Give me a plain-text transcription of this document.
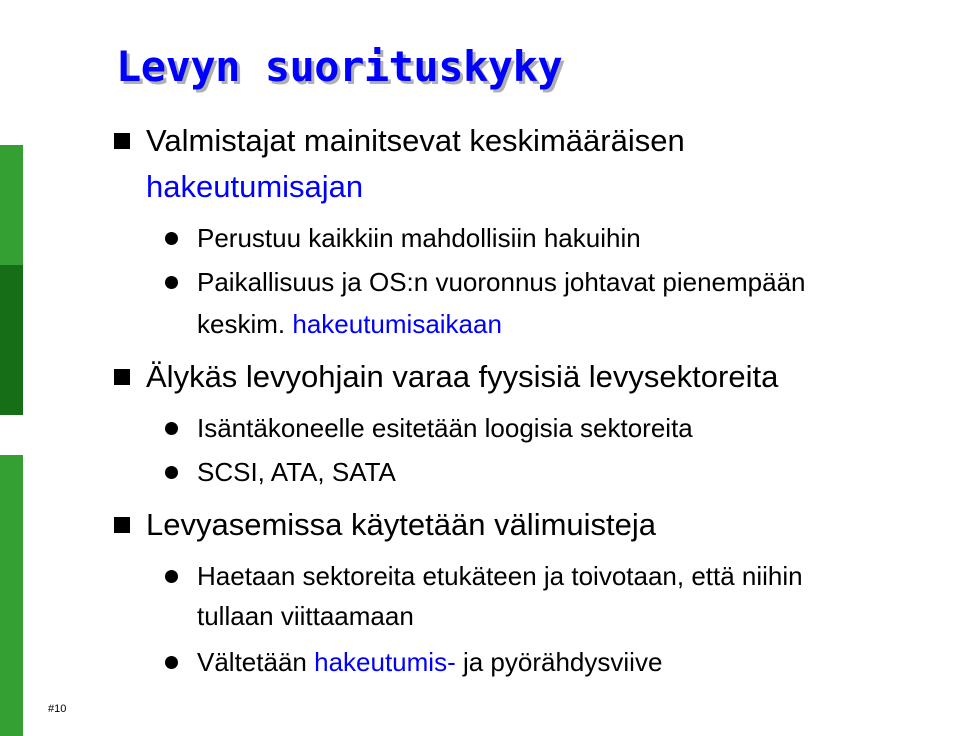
Levyn suorituskyky
Valmistajat mainitsevat keskimääräisen
hakeutumisajan
Perustuu kaikkiin mahdollisiin hakuihin
Paikallisuus ja OS:n vuoronnus johtavat pienempään
keskim. hakeutumisaikaan
Älykäs levyohjain varaa fyysisiä levysektoreita
Isäntäkoneelle esitetään loogisia sektoreita
SCSI, ATA, SATA
Levyasemissa käytetään välimuisteja
Haetaan sektoreita etukäteen ja toivotaan, että niihin
tullaan viittaamaan
Vältetään hakeutumis- ja pyörähdysviive
#10
